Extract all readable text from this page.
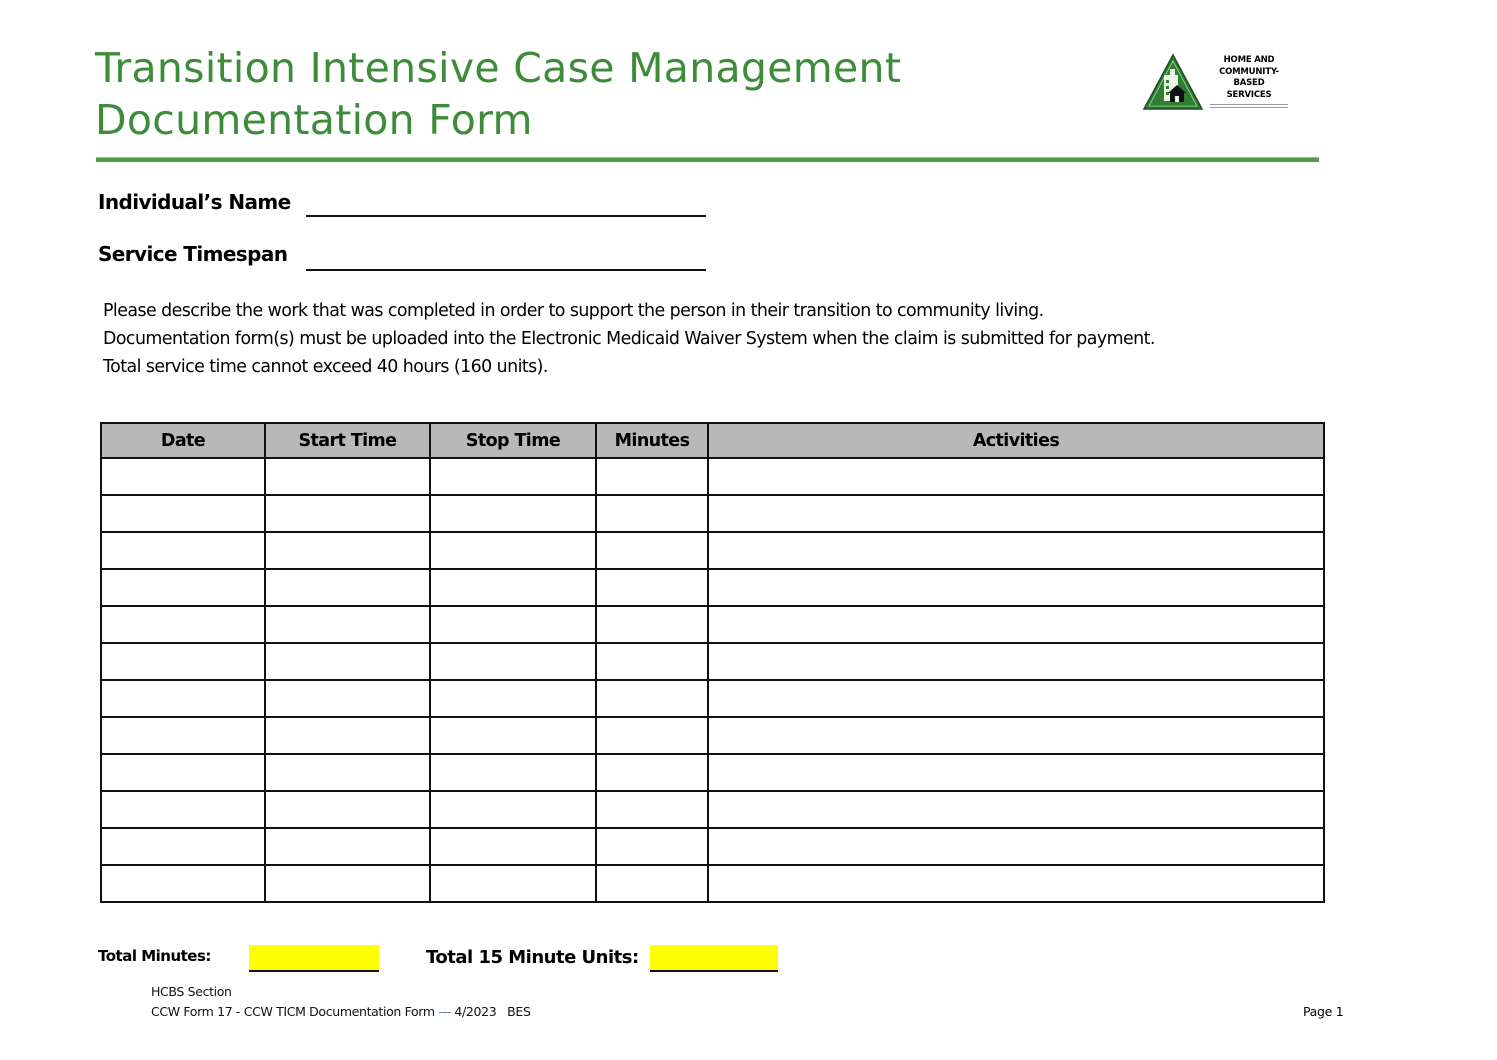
Transition Intensive Case Management
Documentation Form
HOME AND
COMMUNITY-
BASED
SERVICES
Individual’s Name
Service Timespan

Please describe the work that was completed in order to support the person in their transition to community living.

Documentation form(s) must be uploaded into the Electronic Medicaid Waiver System when the claim is submitted for payment.

Total service time cannot exceed 40 hours (160 units).

Date	Start Time	Stop Time	Minutes	Activities

Total Minutes:	Total 15 Minute Units:

HCBS Section

CCW Form 17 - CCW TICM Documentation Form --- 4/2023   BES	Page 1
